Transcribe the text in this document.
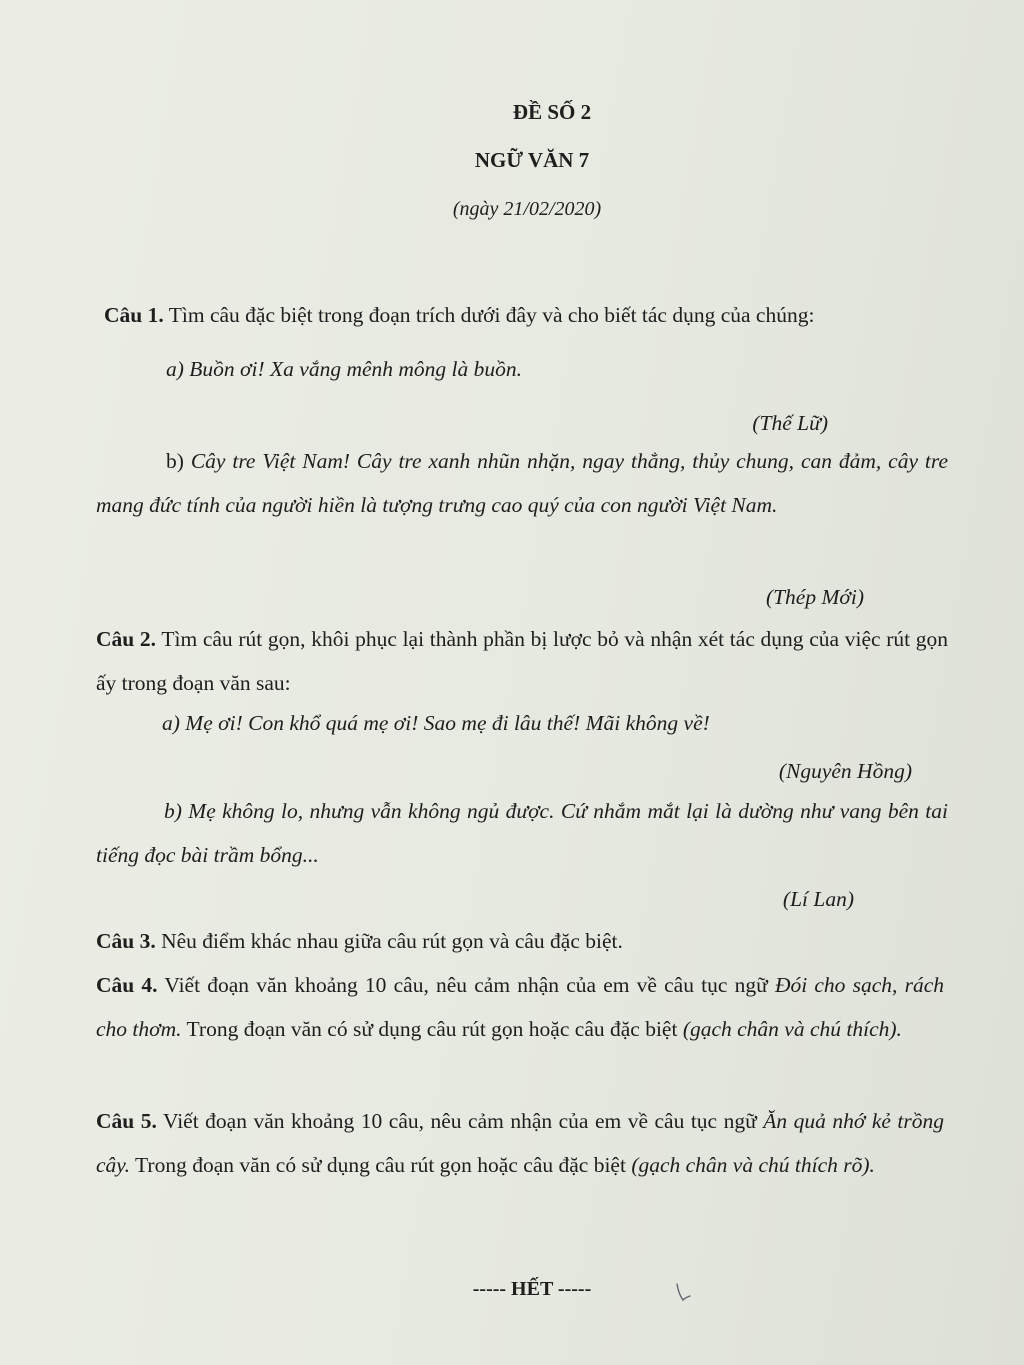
ĐỀ SỐ 2
NGỮ VĂN 7
(ngày 21/02/2020)
Câu 1. Tìm câu đặc biệt trong đoạn trích dưới đây và cho biết tác dụng của chúng:
a) Buồn ơi! Xa vắng mênh mông là buồn.
(Thế Lữ)

b) Cây tre Việt Nam! Cây tre xanh nhũn nhặn, ngay thẳng, thủy chung, can đảm, cây tre mang đức tính của người hiền là tượng trưng cao quý của con người Việt Nam.

(Thép Mới)

Câu 2. Tìm câu rút gọn, khôi phục lại thành phần bị lược bỏ và nhận xét tác dụng của việc rút gọn ấy trong đoạn văn sau:

a) Mẹ ơi! Con khổ quá mẹ ơi! Sao mẹ đi lâu thế! Mãi không về!
(Nguyên Hồng)

b) Mẹ không lo, nhưng vẫn không ngủ được. Cứ nhắm mắt lại là dường như vang bên tai tiếng đọc bài trầm bổng...

(Lí Lan)
Câu 3. Nêu điểm khác nhau giữa câu rút gọn và câu đặc biệt.

Câu 4. Viết đoạn văn khoảng 10 câu, nêu cảm nhận của em về câu tục ngữ Đói cho sạch, rách cho thơm. Trong đoạn văn có sử dụng câu rút gọn hoặc câu đặc biệt (gạch chân và chú thích).

Câu 5. Viết đoạn văn khoảng 10 câu, nêu cảm nhận của em về câu tục ngữ Ăn quả nhớ kẻ trồng cây. Trong đoạn văn có sử dụng câu rút gọn hoặc câu đặc biệt (gạch chân và chú thích rõ).

----- HẾT -----
